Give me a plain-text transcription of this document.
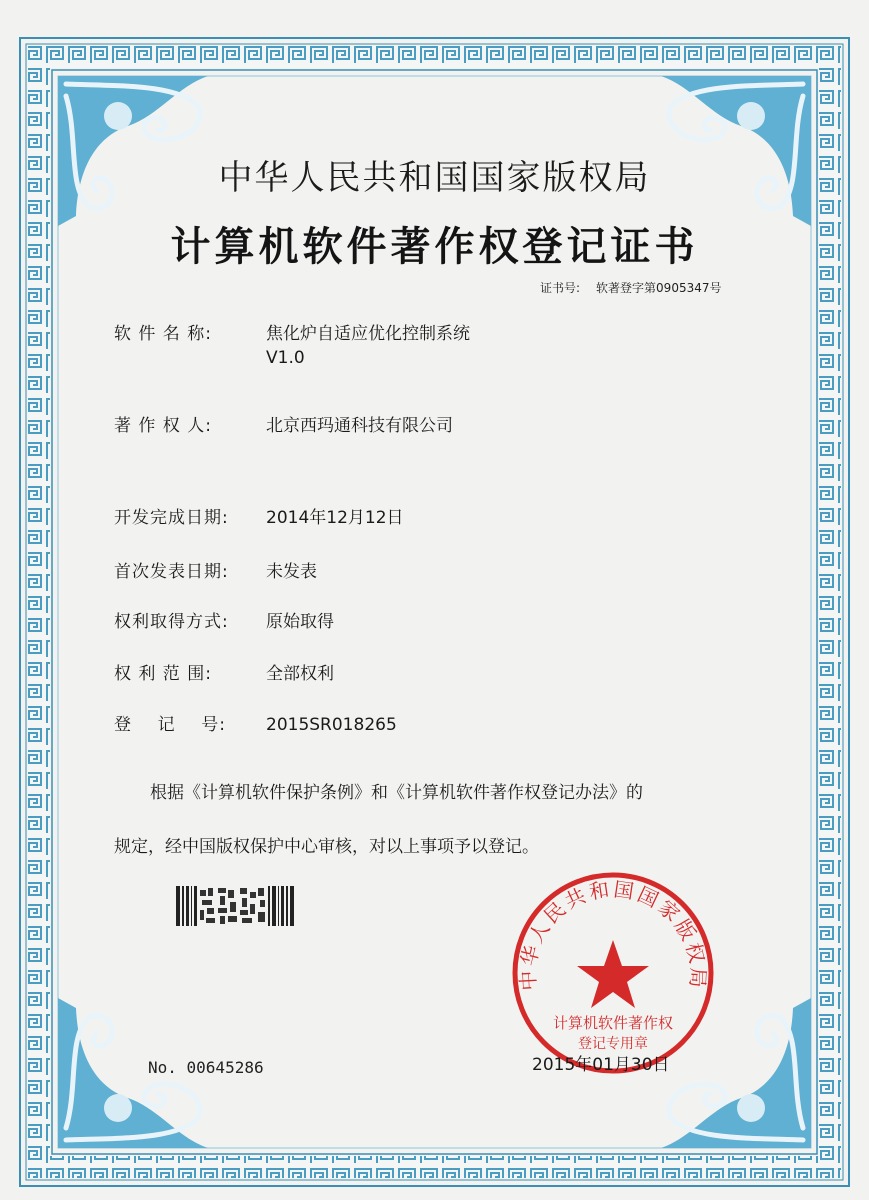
中华人民共和国国家版权局
计算机软件著作权登记证书
证书号: 软著登字第0905347号
软 件 名 称:	焦化炉自适应优化控制系统
V1.0
著 作 权 人:	北京西玛通科技有限公司
开发完成日期:	2014年12月12日
首次发表日期:	未发表
权利取得方式:	原始取得
权 利 范 围:	全部权利
登    记    号:	2015SR018265
根据《计算机软件保护条例》和《计算机软件著作权登记办法》的
规定，经中国版权保护中心审核，对以上事项予以登记。
中华人民共和国国家版权局
计算机软件著作权
登记专用章
No. 00645286	2015年01月30日
